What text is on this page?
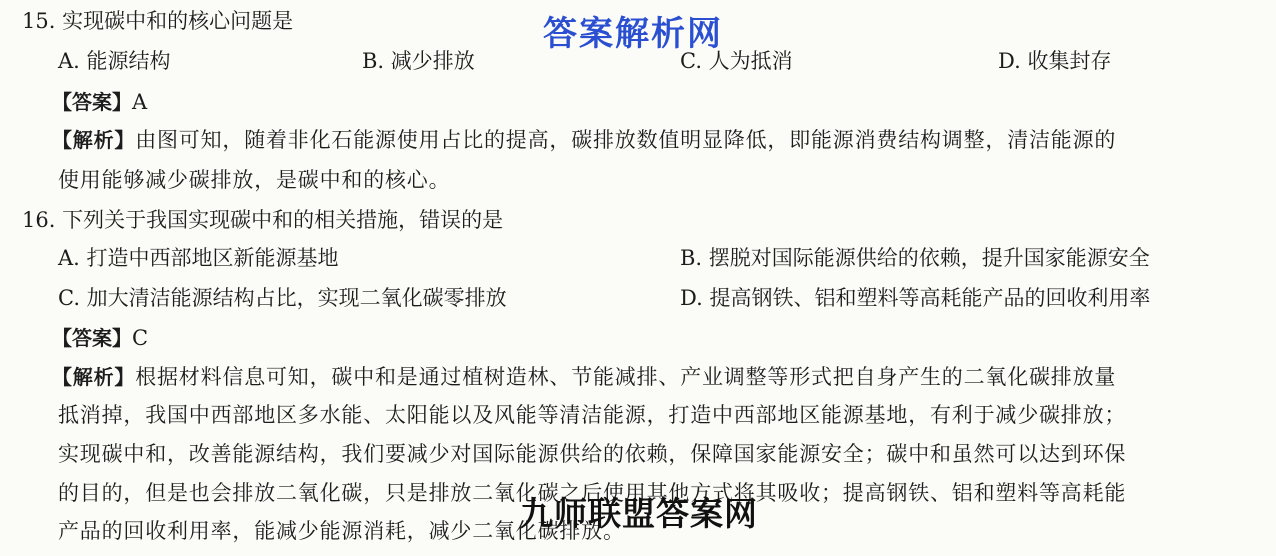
答案解析网
15. 实现碳中和的核心问题是
A. 能源结构	B. 减少排放	C. 人为抵消	D. 收集封存
【答案】A
【解析】由图可知，随着非化石能源使用占比的提高，碳排放数值明显降低，即能源消费结构调整，清洁能源的
使用能够减少碳排放，是碳中和的核心。
16. 下列关于我国实现碳中和的相关措施，错误的是
A. 打造中西部地区新能源基地	B. 摆脱对国际能源供给的依赖，提升国家能源安全
C. 加大清洁能源结构占比，实现二氧化碳零排放	D. 提高钢铁、铝和塑料等高耗能产品的回收利用率
【答案】C
【解析】根据材料信息可知，碳中和是通过植树造林、节能减排、产业调整等形式把自身产生的二氧化碳排放量
抵消掉，我国中西部地区多水能、太阳能以及风能等清洁能源，打造中西部地区能源基地，有利于减少碳排放；
实现碳中和，改善能源结构，我们要减少对国际能源供给的依赖，保障国家能源安全；碳中和虽然可以达到环保
的目的，但是也会排放二氧化碳，只是排放二氧化碳之后使用其他方式将其吸收；提高钢铁、铝和塑料等高耗能
产品的回收利用率，能减少能源消耗，减少二氧化碳排放。
九师联盟答案网
